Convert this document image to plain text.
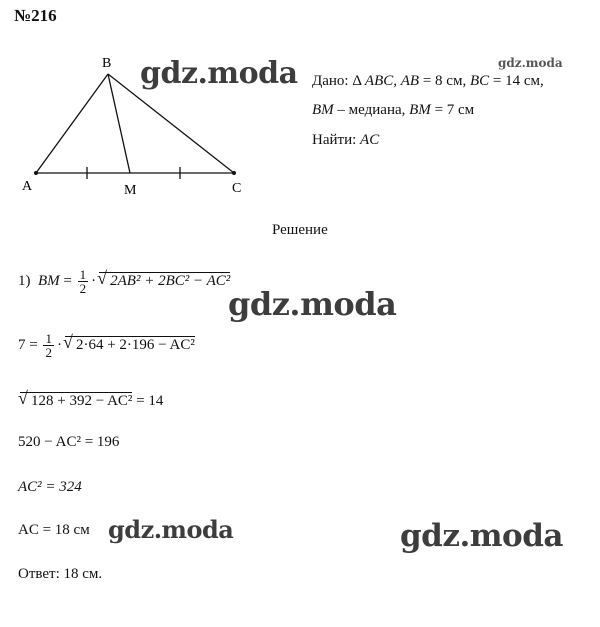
№216
A
B
M	C
gdz.moda	gdz.moda
gdz.moda
gdz.moda	gdz.moda
Дано: Δ ABC, AB = 8 см, BC = 14 см,
BM – медиана, BM = 7 см
Найти: AC
Решение
1) BM = $\frac{1}{2}$ · √ 2AB² + 2BC² − AC²
$7 = \frac{1}{2}$ · √ 2·64 + 2·196 − AC²
√ 128 + 392 − AC² = 14
520 − AC² = 196
AC² = 324
AC = 18 см
Ответ: 18 см.
